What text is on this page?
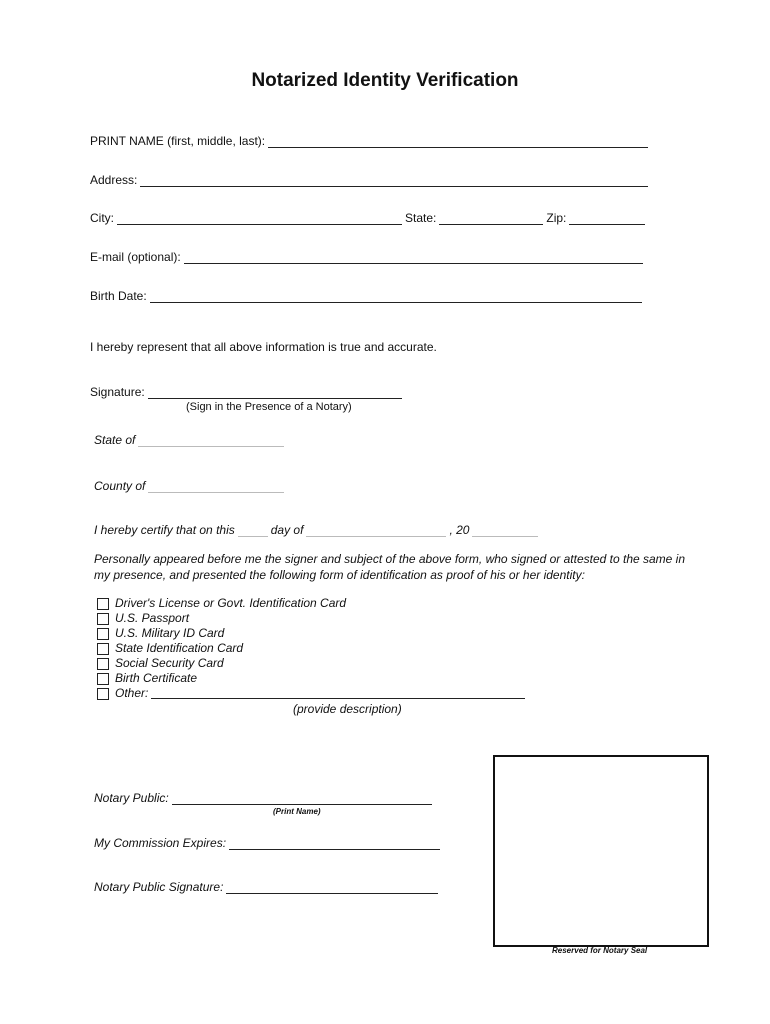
Notarized Identity Verification
PRINT NAME (first, middle, last):
Address:
City:	State:	Zip:
E-mail (optional):
Birth Date:
I hereby represent that all above information is true and accurate.
Signature:
(Sign in the Presence of a Notary)
State of
County of
I hereby certify that on this	day of	, 20
Personally appeared before me the signer and subject of the above form, who signed or attested to the same in my presence, and presented the following form of identification as proof of his or her identity:
Driver's License or Govt. Identification Card
U.S. Passport
U.S. Military ID Card
State Identification Card
Social Security Card
Birth Certificate
Other:
(provide description)
Notary Public:
(Print Name)
My Commission Expires:
Notary Public Signature:
Reserved for Notary Seal
